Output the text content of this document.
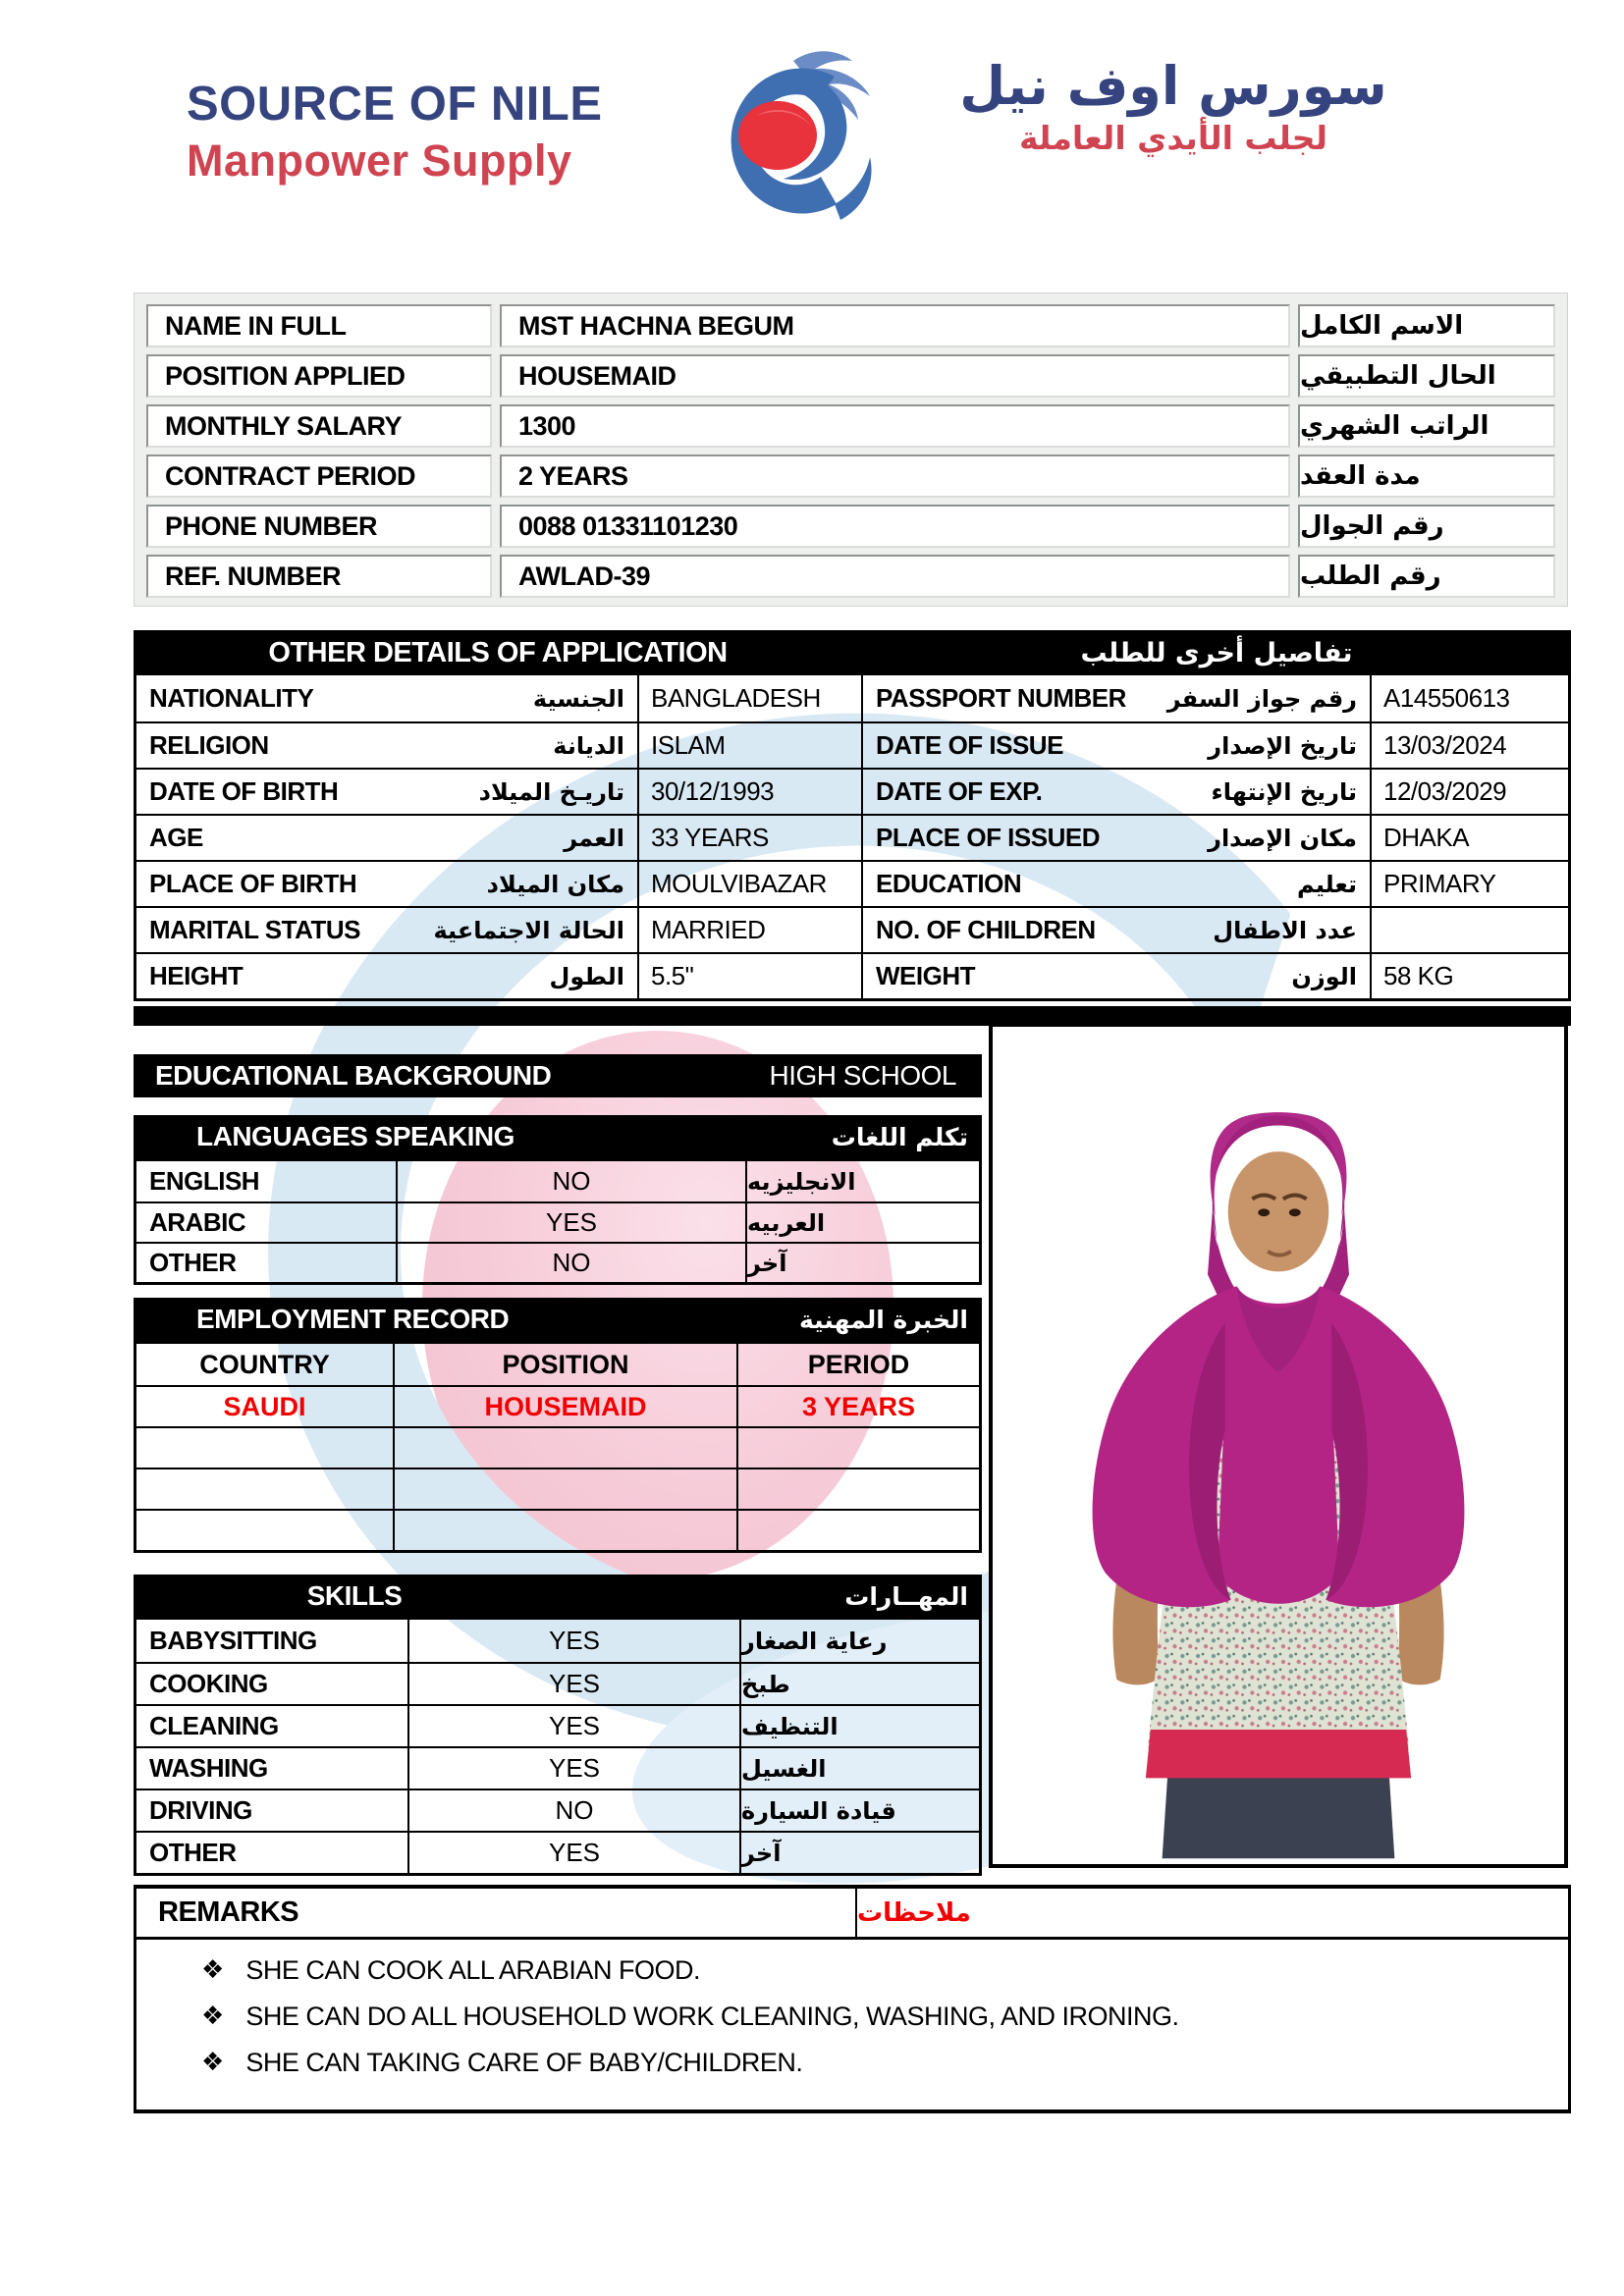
SOURCE OF NILE
Manpower Supply
سورس اوف نيل
لجلب الأيدي العاملة
NAME IN FULL	MST HACHNA BEGUM	الاسم الكامل
POSITION APPLIED	HOUSEMAID	الحال التطبيقي
MONTHLY SALARY	1300	الراتب الشهري
CONTRACT PERIOD	2 YEARS	مدة العقد
PHONE NUMBER	0088 01331101230	رقم الجوال
REF. NUMBER	AWLAD-39	رقم الطلب
OTHER DETAILS OF APPLICATION	تفاصيل أخرى للطلب
NATIONALITY	الجنسية	BANGLADESH	PASSPORT NUMBER رقم جواز السفر	A14550613
RELIGION	الديانة	ISLAM	DATE OF ISSUE	تاريخ الإصدار	13/03/2024
DATE OF BIRTH	تاريـخ الميلاد	30/12/1993	DATE OF EXP.	تاريخ الإنتهاء	12/03/2029
AGE	العمر	33 YEARS	PLACE OF ISSUED	مكان الإصدار	DHAKA
PLACE OF BIRTH	مكان الميلاد	MOULVIBAZAR	EDUCATION	تعليم	PRIMARY
MARITAL STATUS	الحالة الاجتماعية	MARRIED	NO. OF CHILDREN	عدد الاطفال
HEIGHT	الطول	5.5"	WEIGHT	الوزن	58 KG
EDUCATIONAL BACKGROUND	HIGH SCHOOL
LANGUAGES SPEAKING	تكلم اللغات
ENGLISH	NO	الانجليزيه
ARABIC	YES	العربيه
OTHER	NO	آخر
EMPLOYMENT RECORD	الخبرة المهنية
COUNTRY	POSITION	PERIOD
SAUDI	HOUSEMAID	3 YEARS
SKILLS	المهــارات
BABYSITTING	YES	رعاية الصغار
COOKING	YES	طبخ
CLEANING	YES	التنظيف
WASHING	YES	الغسيل
DRIVING	NO	قيادة السيارة
OTHER	YES	آخر
REMARKS	ملاحظات
❖ SHE CAN COOK ALL ARABIAN FOOD.
❖ SHE CAN DO ALL HOUSEHOLD WORK CLEANING, WASHING, AND IRONING.
❖ SHE CAN TAKING CARE OF BABY/CHILDREN.
